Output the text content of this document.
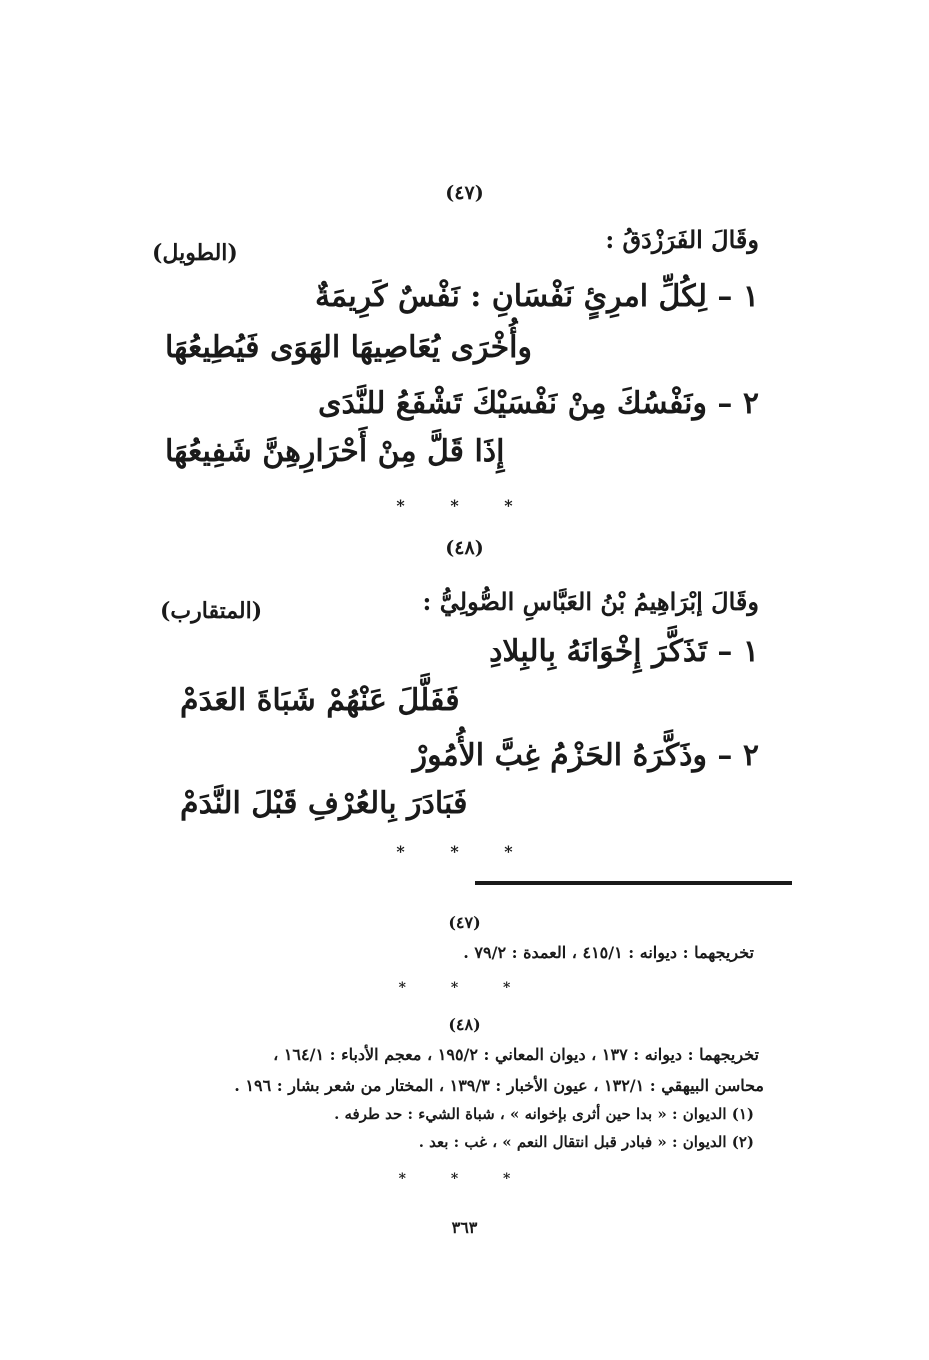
(٤٧)
وقَالَ الفَرَزْدَقُ :
(الطويل)
١ – لِكُلِّ امرِئٍ نَفْسَانِ : نَفْسٌ كَرِيمَةٌ
وأُخْرَى يُعَاصِيهَا الهَوَى فَيُطِيعُهَا
٢ – ونَفْسُكَ مِنْ نَفْسَيْكَ تَشْفَعُ للنَّدَى
إِذَا قَلَّ مِنْ أَحْرَارِهِنَّ شَفِيعُهَا
* * *
(٤٨)
وقَالَ إبْرَاهِيمُ بْنُ العَبَّاسِ الصُّولِيُّ :
(المتقارب)
١ – تَذَكَّرَ إِخْوَانَهُ بِالبِلادِ
فَفَلَّلَ عَنْهُمْ شَبَاةَ العَدَمْ
٢ – وذَكَّرَهُ الحَزْمُ غِبَّ الأُمُورْ
فَبَادَرَ بِالعُرْفِ قَبْلَ النَّدَمْ
* * *
(٤٧)
تخريجهما : ديوانه : ٤١٥/١ ، العمدة : ٧٩/٢ .
* * *
(٤٨)
تخريجهما : ديوانه : ١٣٧ ، ديوان المعاني : ١٩٥/٢ ، معجم الأدباء : ١٦٤/١ ،
محاسن البيهقي : ١٣٢/١ ، عيون الأخبار : ١٣٩/٣ ، المختار من شعر بشار : ١٩٦ .
(١) الديوان : « بدا حين أثرى بإخوانه » ، شباة الشيء : حد طرفه .
(٢) الديوان : « فبادر قبل انتقال النعم » ، غب : بعد .
* * *
٣٦٣
